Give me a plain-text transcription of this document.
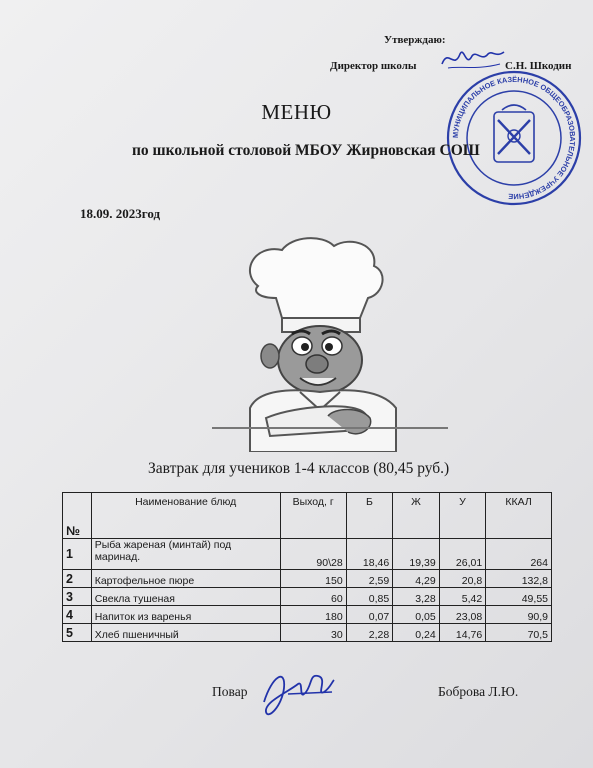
Утверждаю:
Директор школы	С.Н. Шкодин
МУНИЦИПАЛЬНОЕ КАЗЁННОЕ ОБЩЕОБРАЗОВАТЕЛЬНОЕ УЧРЕЖДЕНИЕ
МЕНЮ
по школьной столовой МБОУ Жирновская СОШ
18.09. 2023год
Завтрак для учеников 1-4 классов (80,45 руб.)
№	Наименование блюд	Выход, г	Б	Ж	У	ККАЛ
1	Рыба жареная (минтай) под маринад.	90\28	18,46	19,39	26,01	264
2	Картофельное пюре	150	2,59	4,29	20,8	132,8
3	Свекла тушеная	60	0,85	3,28	5,42	49,55
4	Напиток из варенья	180	0,07	0,05	23,08	90,9
5	Хлеб пшеничный	30	2,28	0,24	14,76	70,5
Повар	Боброва Л.Ю.
